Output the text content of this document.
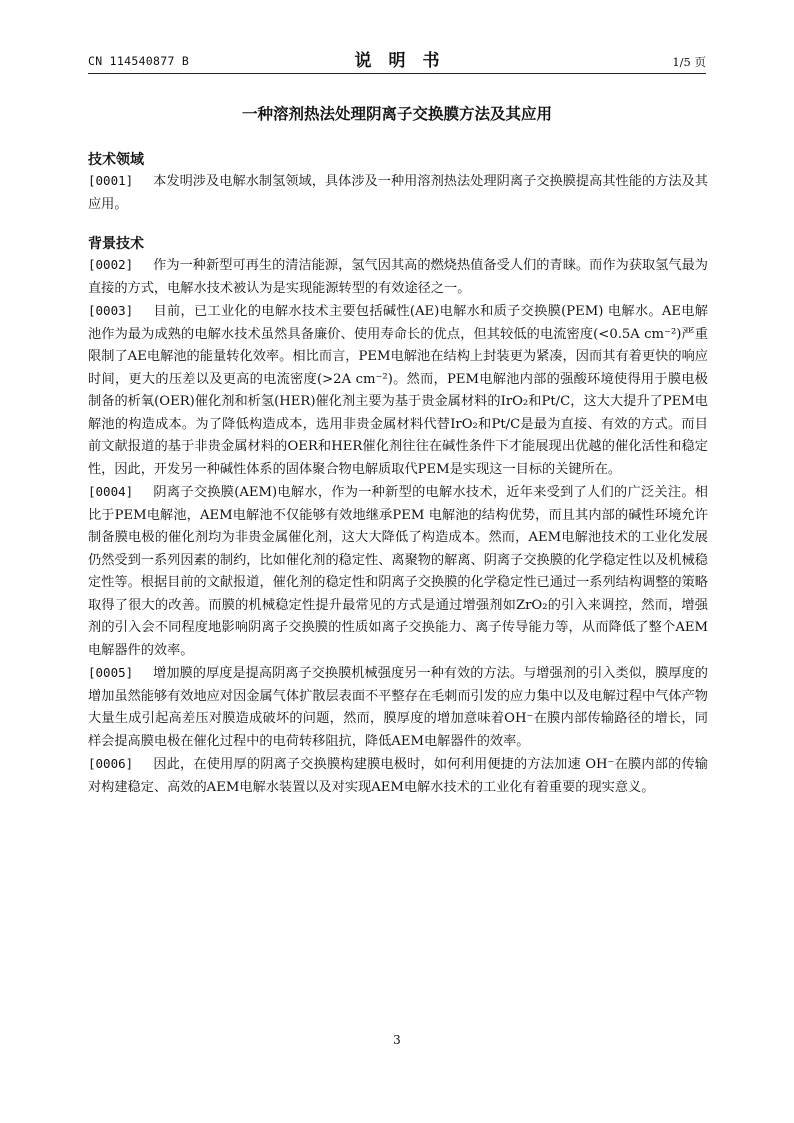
CN 114540877 B	说　明　书	1/5 页
一种溶剂热法处理阴离子交换膜方法及其应用
技术领域

[0001] 本发明涉及电解水制氢领域，具体涉及一种用溶剂热法处理阴离子交换膜提高其性能的方法及其应用。

背景技术

[0002] 作为一种新型可再生的清洁能源，氢气因其高的燃烧热值备受人们的青睐。而作为获取氢气最为直接的方式，电解水技术被认为是实现能源转型的有效途径之一。

[0003] 目前，已工业化的电解水技术主要包括碱性(AE)电解水和质子交换膜(PEM) 电解水。AE电解池作为最为成熟的电解水技术虽然具备廉价、使用寿命长的优点，但其较低的电流密度(<0.5A cm⁻²)严重限制了AE电解池的能量转化效率。相比而言，PEM电解池在结构上封装更为紧凑，因而其有着更快的响应时间，更大的压差以及更高的电流密度(>2A cm⁻²)。然而，PEM电解池内部的强酸环境使得用于膜电极制备的析氧(OER)催化剂和析氢(HER)催化剂主要为基于贵金属材料的IrO₂和Pt/C，这大大提升了PEM电解池的构造成本。为了降低构造成本，选用非贵金属材料代替IrO₂和Pt/C是最为直接、有效的方式。而目前文献报道的基于非贵金属材料的OER和HER催化剂往往在碱性条件下才能展现出优越的催化活性和稳定性，因此，开发另一种碱性体系的固体聚合物电解质取代PEM是实现这一目标的关键所在。

[0004] 阴离子交换膜(AEM)电解水，作为一种新型的电解水技术，近年来受到了人们的广泛关注。相比于PEM电解池，AEM电解池不仅能够有效地继承PEM 电解池的结构优势，而且其内部的碱性环境允许制备膜电极的催化剂均为非贵金属催化剂，这大大降低了构造成本。然而，AEM电解池技术的工业化发展仍然受到一系列因素的制约，比如催化剂的稳定性、离聚物的解离、阴离子交换膜的化学稳定性以及机械稳定性等。根据目前的文献报道，催化剂的稳定性和阴离子交换膜的化学稳定性已通过一系列结构调整的策略取得了很大的改善。而膜的机械稳定性提升最常见的方式是通过增强剂如ZrO₂的引入来调控，然而，增强剂的引入会不同程度地影响阴离子交换膜的性质如离子交换能力、离子传导能力等，从而降低了整个AEM电解器件的效率。

[0005] 增加膜的厚度是提高阴离子交换膜机械强度另一种有效的方法。与增强剂的引入类似，膜厚度的增加虽然能够有效地应对因金属气体扩散层表面不平整存在毛刺而引发的应力集中以及电解过程中气体产物大量生成引起高差压对膜造成破坏的问题，然而，膜厚度的增加意味着OH⁻在膜内部传输路径的增长，同样会提高膜电极在催化过程中的电荷转移阻抗，降低AEM电解器件的效率。

[0006] 因此，在使用厚的阴离子交换膜构建膜电极时，如何利用便捷的方法加速 OH⁻在膜内部的传输对构建稳定、高效的AEM电解水装置以及对实现AEM电解水技术的工业化有着重要的现实意义。

3
